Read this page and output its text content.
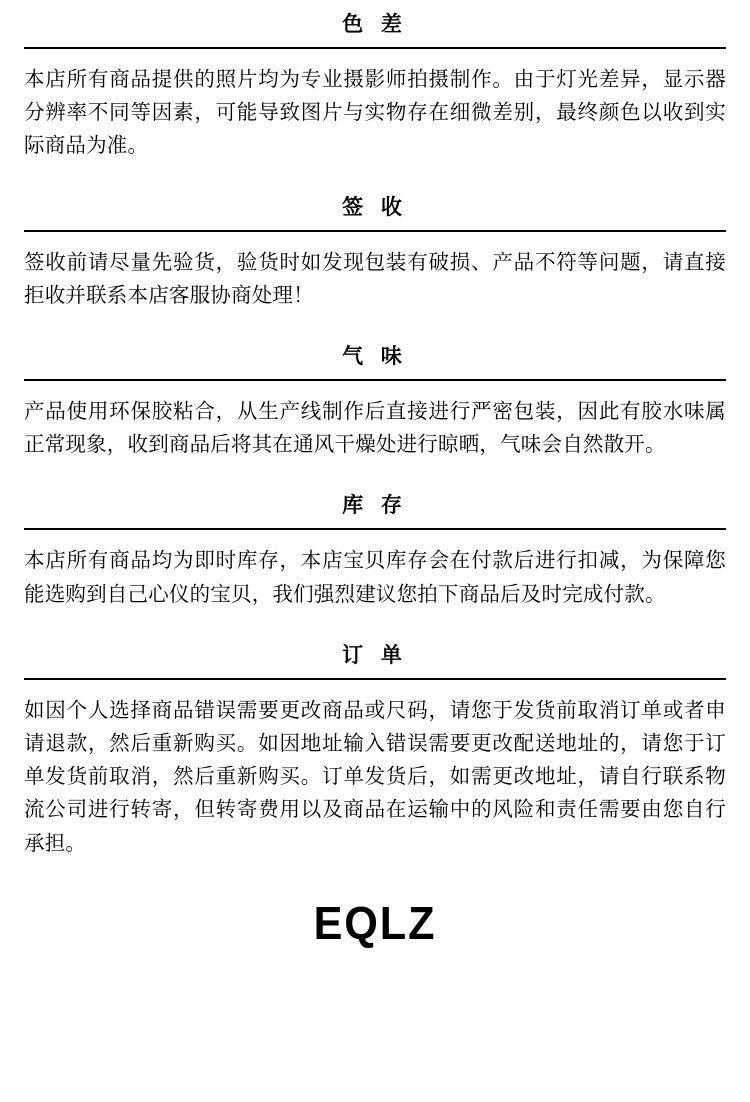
色 差
本店所有商品提供的照片均为专业摄影师拍摄制作。由于灯光差异，显示器分辨率不同等因素，可能导致图片与实物存在细微差别，最终颜色以收到实际商品为准。
签 收
签收前请尽量先验货，验货时如发现包装有破损、产品不符等问题，请直接拒收并联系本店客服协商处理！
气 味
产品使用环保胶粘合，从生产线制作后直接进行严密包装，因此有胶水味属正常现象，收到商品后将其在通风干燥处进行晾晒，气味会自然散开。
库 存
本店所有商品均为即时库存，本店宝贝库存会在付款后进行扣减，为保障您能选购到自己心仪的宝贝，我们强烈建议您拍下商品后及时完成付款。
订 单
如因个人选择商品错误需要更改商品或尺码，请您于发货前取消订单或者申请退款，然后重新购买。如因地址输入错误需要更改配送地址的，请您于订单发货前取消，然后重新购买。订单发货后，如需更改地址，请自行联系物流公司进行转寄，但转寄费用以及商品在运输中的风险和责任需要由您自行承担。
EQLZ
